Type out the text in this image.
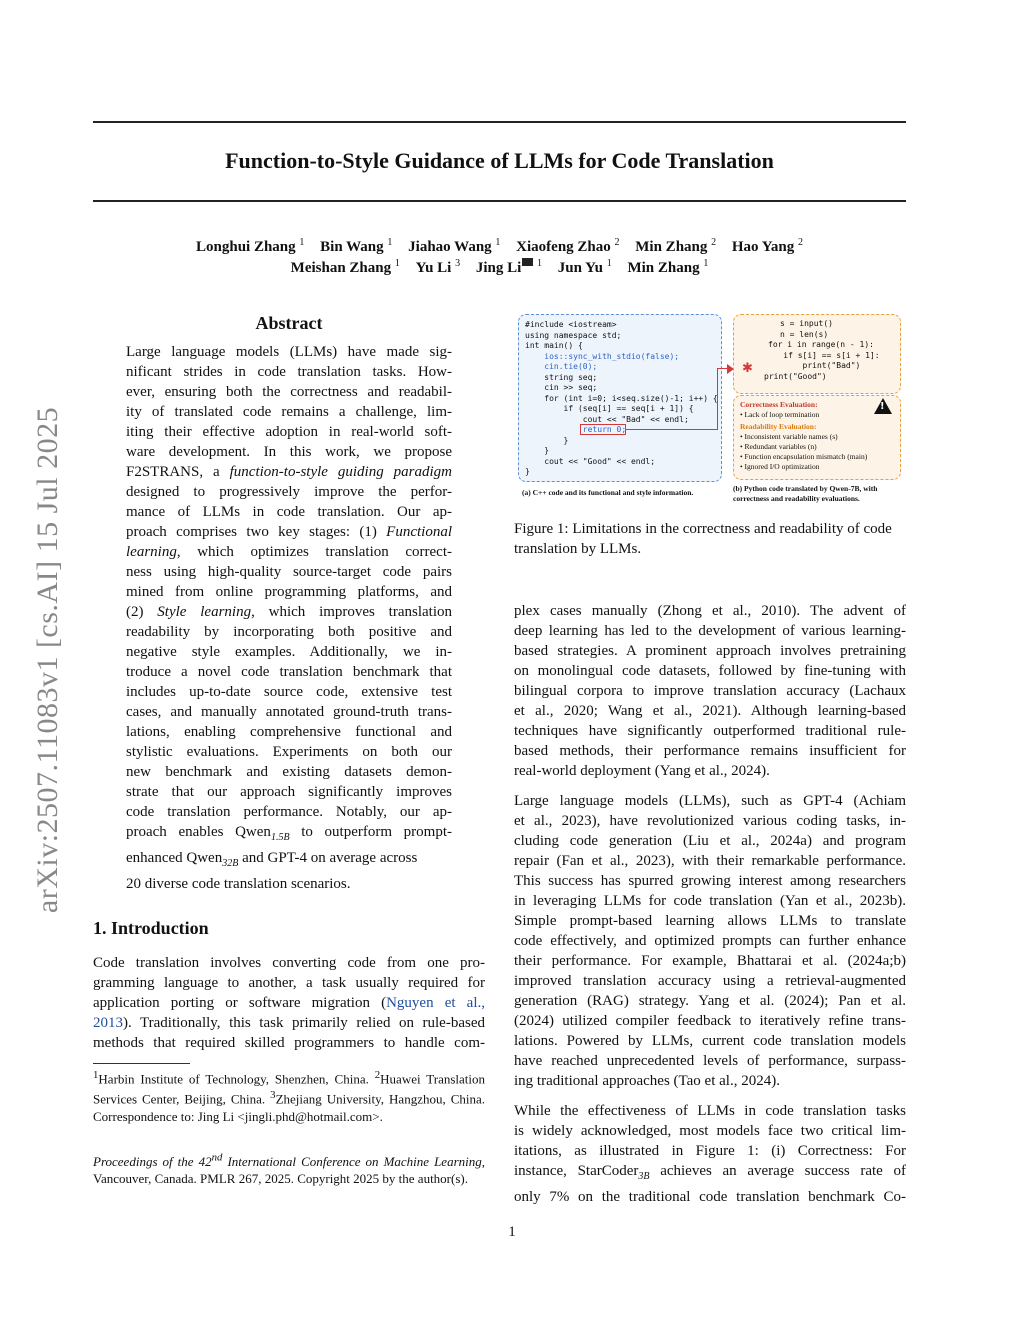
arXiv:2507.11083v1 [cs.AI] 15 Jul 2025
Function-to-Style Guidance of LLMs for Code Translation
Longhui Zhang $^1$ Bin Wang $^1$ Jiahao Wang $^1$ Xiaofeng Zhao $^2$ Min Zhang $^2$ Hao Yang $^2$
Meishan Zhang $^1$ Yu Li $^3$ Jing Li $^1$ Jun Yu $^1$ Min Zhang $^1$
Abstract
Large language models (LLMs) have made sig-
nificant strides in code translation tasks. How-
ever, ensuring both the correctness and readabil-
ity of translated code remains a challenge, lim-
iting their effective adoption in real-world soft-
ware development. In this work, we propose
F2STRANS, a function-to-style guiding paradigm
designed to progressively improve the perfor-
mance of LLMs in code translation. Our ap-
proach comprises two key stages: (1) Functional
learning, which optimizes translation correct-
ness using high-quality source-target code pairs
mined from online programming platforms, and
(2) Style learning, which improves translation
readability by incorporating both positive and
negative style examples. Additionally, we in-
troduce a novel code translation benchmark that
includes up-to-date source code, extensive test
cases, and manually annotated ground-truth trans-
lations, enabling comprehensive functional and
stylistic evaluations. Experiments on both our
new benchmark and existing datasets demon-
strate that our approach significantly improves
code translation performance. Notably, our ap-
proach enables Qwen$_{1.5B}$ to outperform prompt-
enhanced Qwen$_{32B}$ and GPT-4 on average across
20 diverse code translation scenarios.
1. Introduction
Code translation involves converting code from one pro-
gramming language to another, a task usually required for
application porting or software migration (Nguyen et al.,
2013). Traditionally, this task primarily relied on rule-based
methods that required skilled programmers to handle com-
$^1$Harbin Institute of Technology, Shenzhen, China. $^2$Huawei Translation Services Center, Beijing, China. $^3$Zhejiang University, Hangzhou, China. Correspondence to: Jing Li <jingli.phd@hotmail.com>.
Proceedings of the 42nd International Conference on Machine Learning, Vancouver, Canada. PMLR 267, 2025. Copyright 2025 by the author(s).
#include <iostream>
using namespace std;
int main() {
ios::sync_with_stdio(false);
cin.tie(0);
string seq;
cin >> seq;
for (int i=0; i<seq.size()-1; i++) {
if (seq[i] == seq[i + 1]) {
cout << "Bad" << endl;
return 0;
}
}
cout << "Good" << endl;
}
s = input()
n = len(s)
for i in range(n - 1):
if s[i] == s[i + 1]:
print("Bad")
print("Good")
✱
Correctness Evaluation:
• Lack of loop termination
Readability Evaluation:
• Inconsistent variable names (s)
• Redundant variables (n)
• Function encapsulation mismatch (main)
• Ignored I/O optimization
!
(a) C++ code and its functional and style information.	(b) Python code translated by Qwen-7B, with correctness and readability evaluations.
Figure 1: Limitations in the correctness and readability of code translation by LLMs.
plex cases manually (Zhong et al., 2010). The advent of
deep learning has led to the development of various learning-
based strategies. A prominent approach involves pretraining
on monolingual code datasets, followed by fine-tuning with
bilingual corpora to improve translation accuracy (Lachaux
et al., 2020; Wang et al., 2021). Although learning-based
techniques have significantly outperformed traditional rule-
based methods, their performance remains insufficient for
real-world deployment (Yang et al., 2024).
Large language models (LLMs), such as GPT-4 (Achiam
et al., 2023), have revolutionized various coding tasks, in-
cluding code generation (Liu et al., 2024a) and program
repair (Fan et al., 2023), with their remarkable performance.
This success has spurred growing interest among researchers
in leveraging LLMs for code translation (Yan et al., 2023b).
Simple prompt-based learning allows LLMs to translate
code effectively, and optimized prompts can further enhance
their performance. For example, Bhattarai et al. (2024a;b)
improved translation accuracy using a retrieval-augmented
generation (RAG) strategy. Yang et al. (2024); Pan et al.
(2024) utilized compiler feedback to iteratively refine trans-
lations. Powered by LLMs, current code translation models
have reached unprecedented levels of performance, surpass-
ing traditional approaches (Tao et al., 2024).
While the effectiveness of LLMs in code translation tasks
is widely acknowledged, most models face two critical lim-
itations, as illustrated in Figure 1: (i) Correctness: For
instance, StarCoder$_{3B}$ achieves an average success rate of
only 7% on the traditional code translation benchmark Co-
1
